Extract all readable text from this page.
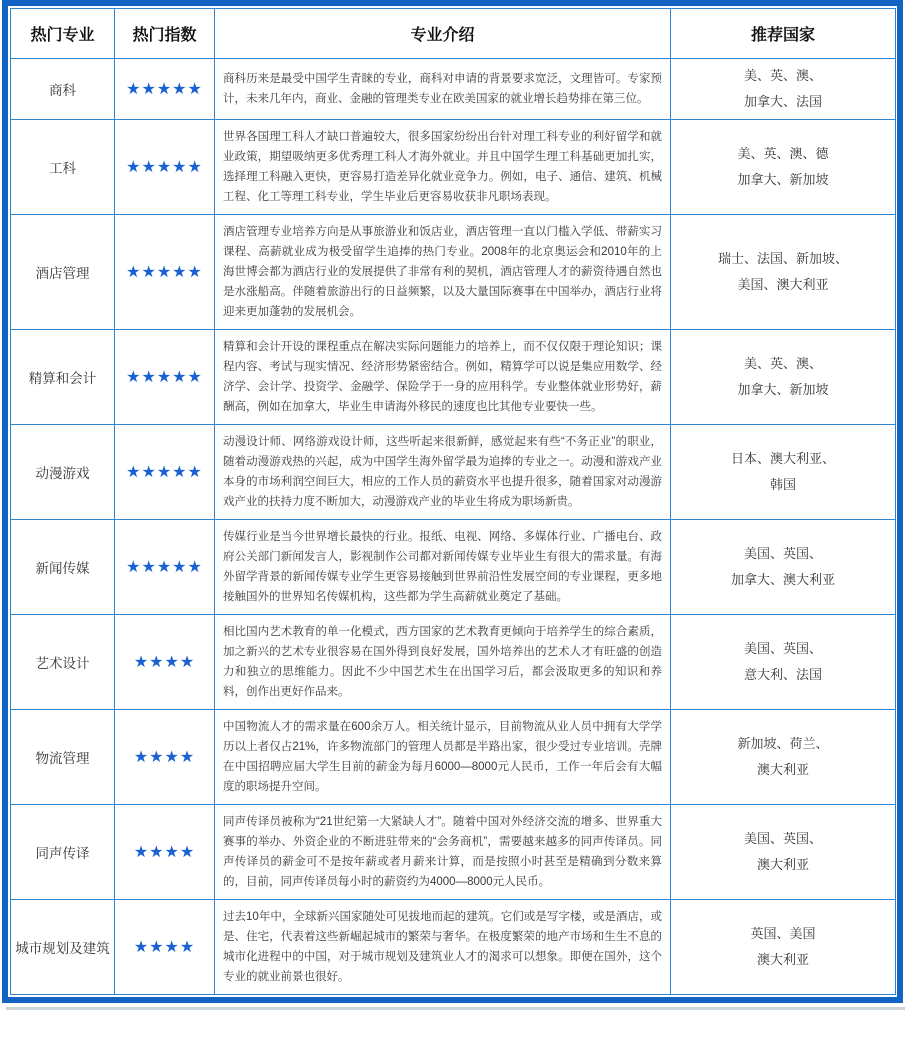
热门专业	热门指数	专业介绍	推荐国家
商科	★★★★★	商科历来是最受中国学生青睐的专业，商科对申请的背景要求宽泛，文理皆可。专家预计，未来几年内，商业、金融的管理类专业在欧美国家的就业增长趋势排在第三位。	美、英、澳、
加拿大、法国

工科	★★★★★	世界各国理工科人才缺口普遍较大，很多国家纷纷出台针对理工科专业的利好留学和就业政策，期望吸纳更多优秀理工科人才海外就业。并且中国学生理工科基础更加扎实，选择理工科融入更快，更容易打造差异化就业竞争力。例如，电子、通信、建筑、机械工程、化工等理工科专业，学生毕业后更容易收获非凡职场表现。	美、英、澳、德
加拿大、新加坡

酒店管理	★★★★★	酒店管理专业培养方向是从事旅游业和饭店业，酒店管理一直以门槛入学低、带薪实习课程、高薪就业成为极受留学生追捧的热门专业。2008年的北京奥运会和2010年的上海世博会都为酒店行业的发展提供了非常有利的契机，酒店管理人才的薪资待遇自然也是水涨船高。伴随着旅游出行的日益频繁，以及大量国际赛事在中国举办，酒店行业将迎来更加蓬勃的发展机会。	瑞士、法国、新加坡、
美国、澳大利亚

精算和会计	★★★★★	精算和会计开设的课程重点在解决实际问题能力的培养上，而不仅仅限于理论知识；课程内容、考试与现实情况、经济形势紧密结合。例如，精算学可以说是集应用数学、经济学、会计学、投资学、金融学、保险学于一身的应用科学。专业整体就业形势好，薪酬高，例如在加拿大，毕业生申请海外移民的速度也比其他专业要快一些。	美、英、澳、
加拿大、新加坡

动漫游戏	★★★★★	动漫设计师、网络游戏设计师，这些听起来很新鲜，感觉起来有些“不务正业”的职业，随着动漫游戏热的兴起，成为中国学生海外留学最为追捧的专业之一。动漫和游戏产业本身的市场利润空间巨大，相应的工作人员的薪资水平也提升很多，随着国家对动漫游戏产业的扶持力度不断加大，动漫游戏产业的毕业生将成为职场新贵。	日本、澳大利亚、
韩国

新闻传媒	★★★★★	传媒行业是当今世界增长最快的行业。报纸、电视、网络、多媒体行业、广播电台、政府公关部门新闻发言人，影视制作公司都对新闻传媒专业毕业生有很大的需求量。有海外留学背景的新闻传媒专业学生更容易接触到世界前沿性发展空间的专业课程，更多地接触国外的世界知名传媒机构，这些都为学生高薪就业奠定了基础。	美国、英国、
加拿大、澳大利亚

艺术设计	★★★★	相比国内艺术教育的单一化模式，西方国家的艺术教育更倾向于培养学生的综合素质，加之新兴的艺术专业很容易在国外得到良好发展，国外培养出的艺术人才有旺盛的创造力和独立的思维能力。因此不少中国艺术生在出国学习后，都会汲取更多的知识和养料，创作出更好作品来。	美国、英国、
意大利、法国

物流管理	★★★★	中国物流人才的需求量在600余万人。相关统计显示，目前物流从业人员中拥有大学学历以上者仅占21%，许多物流部门的管理人员都是半路出家，很少受过专业培训。壳牌在中国招聘应届大学生目前的薪金为每月6000—8000元人民币，工作一年后会有大幅度的职场提升空间。	新加坡、荷兰、
澳大利亚

同声传译	★★★★	同声传译员被称为“21世纪第一大紧缺人才”。随着中国对外经济交流的增多、世界重大赛事的举办、外资企业的不断进驻带来的“会务商机”，需要越来越多的同声传译员。同声传译员的薪金可不是按年薪或者月薪来计算，而是按照小时甚至是精确到分数来算的，目前，同声传译员每小时的薪资约为4000—8000元人民币。	美国、英国、
澳大利亚

城市规划及建筑	★★★★	过去10年中，全球新兴国家随处可见拔地而起的建筑。它们或是写字楼，或是酒店，或是、住宅，代表着这些新崛起城市的繁荣与奢华。在极度繁荣的地产市场和生生不息的城市化进程中的中国，对于城市规划及建筑业人才的渴求可以想象。即便在国外，这个专业的就业前景也很好。	英国、美国
澳大利亚
